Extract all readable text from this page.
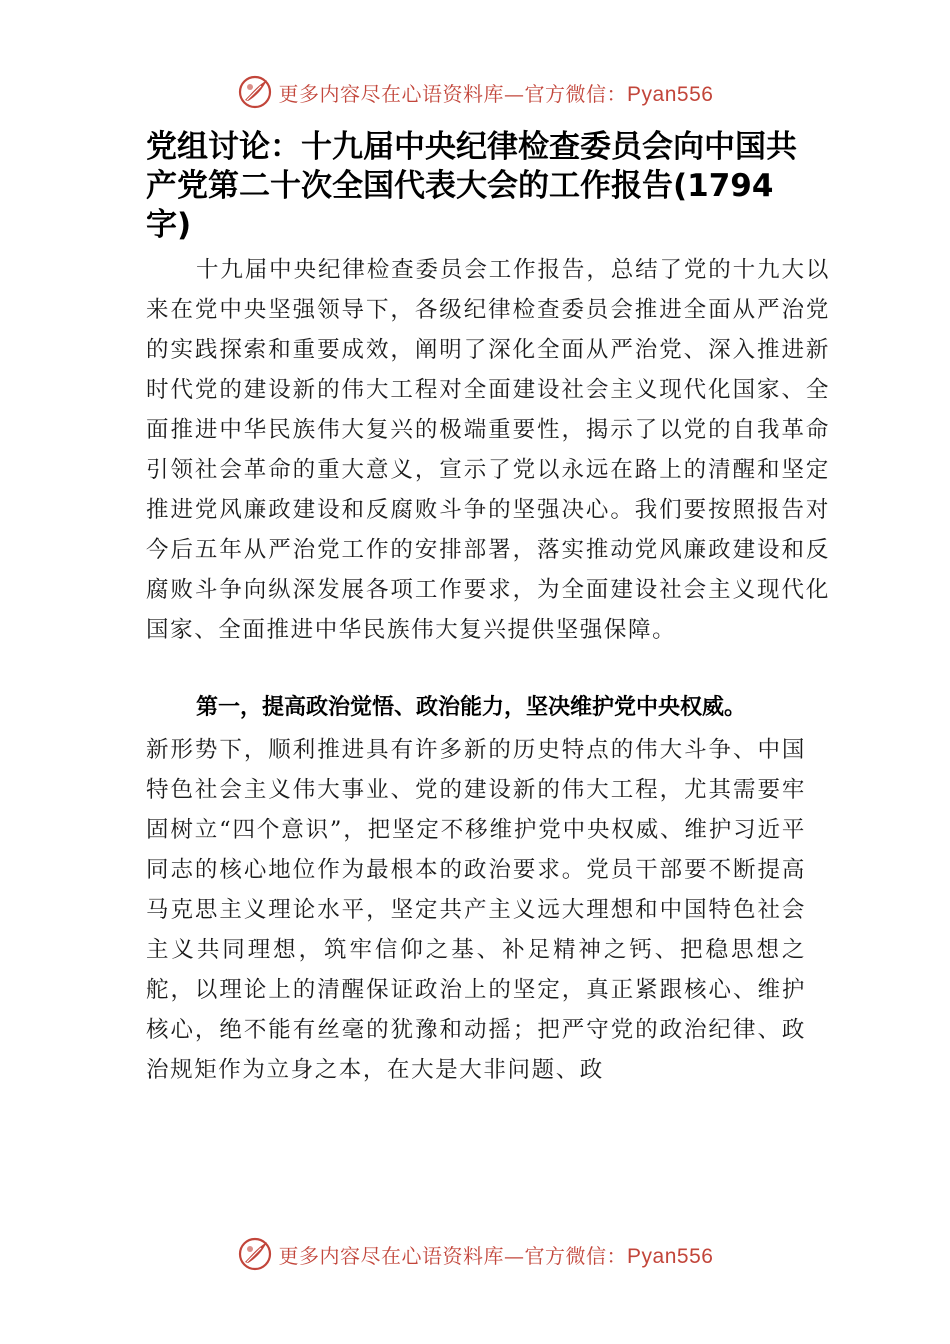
更多内容尽在心语资料库—官方微信：Pyan556
党组讨论：十九届中央纪律检查委员会向中国共产党第二十次全国代表大会的工作报告(1794 字)

十九届中央纪律检查委员会工作报告，总结了党的十九大以来在党中央坚强领导下，各级纪律检查委员会推进全面从严治党的实践探索和重要成效，阐明了深化全面从严治党、深入推进新时代党的建设新的伟大工程对全面建设社会主义现代化国家、全面推进中华民族伟大复兴的极端重要性，揭示了以党的自我革命引领社会革命的重大意义，宣示了党以永远在路上的清醒和坚定推进党风廉政建设和反腐败斗争的坚强决心。我们要按照报告对今后五年从严治党工作的安排部署，落实推动党风廉政建设和反腐败斗争向纵深发展各项工作要求，为全面建设社会主义现代化国家、全面推进中华民族伟大复兴提供坚强保障。

第一，提高政治觉悟、政治能力，坚决维护党中央权威。

新形势下，顺利推进具有许多新的历史特点的伟大斗争、中国特色社会主义伟大事业、党的建设新的伟大工程，尤其需要牢固树立“四个意识”，把坚定不移维护党中央权威、维护习近平同志的核心地位作为最根本的政治要求。党员干部要不断提高马克思主义理论水平，坚定共产主义远大理想和中国特色社会主义共同理想，筑牢信仰之基、补足精神之钙、把稳思想之舵，以理论上的清醒保证政治上的坚定，真正紧跟核心、维护核心，绝不能有丝毫的犹豫和动摇；把严守党的政治纪律、政治规矩作为立身之本，在大是大非问题、政

更多内容尽在心语资料库—官方微信：Pyan556
